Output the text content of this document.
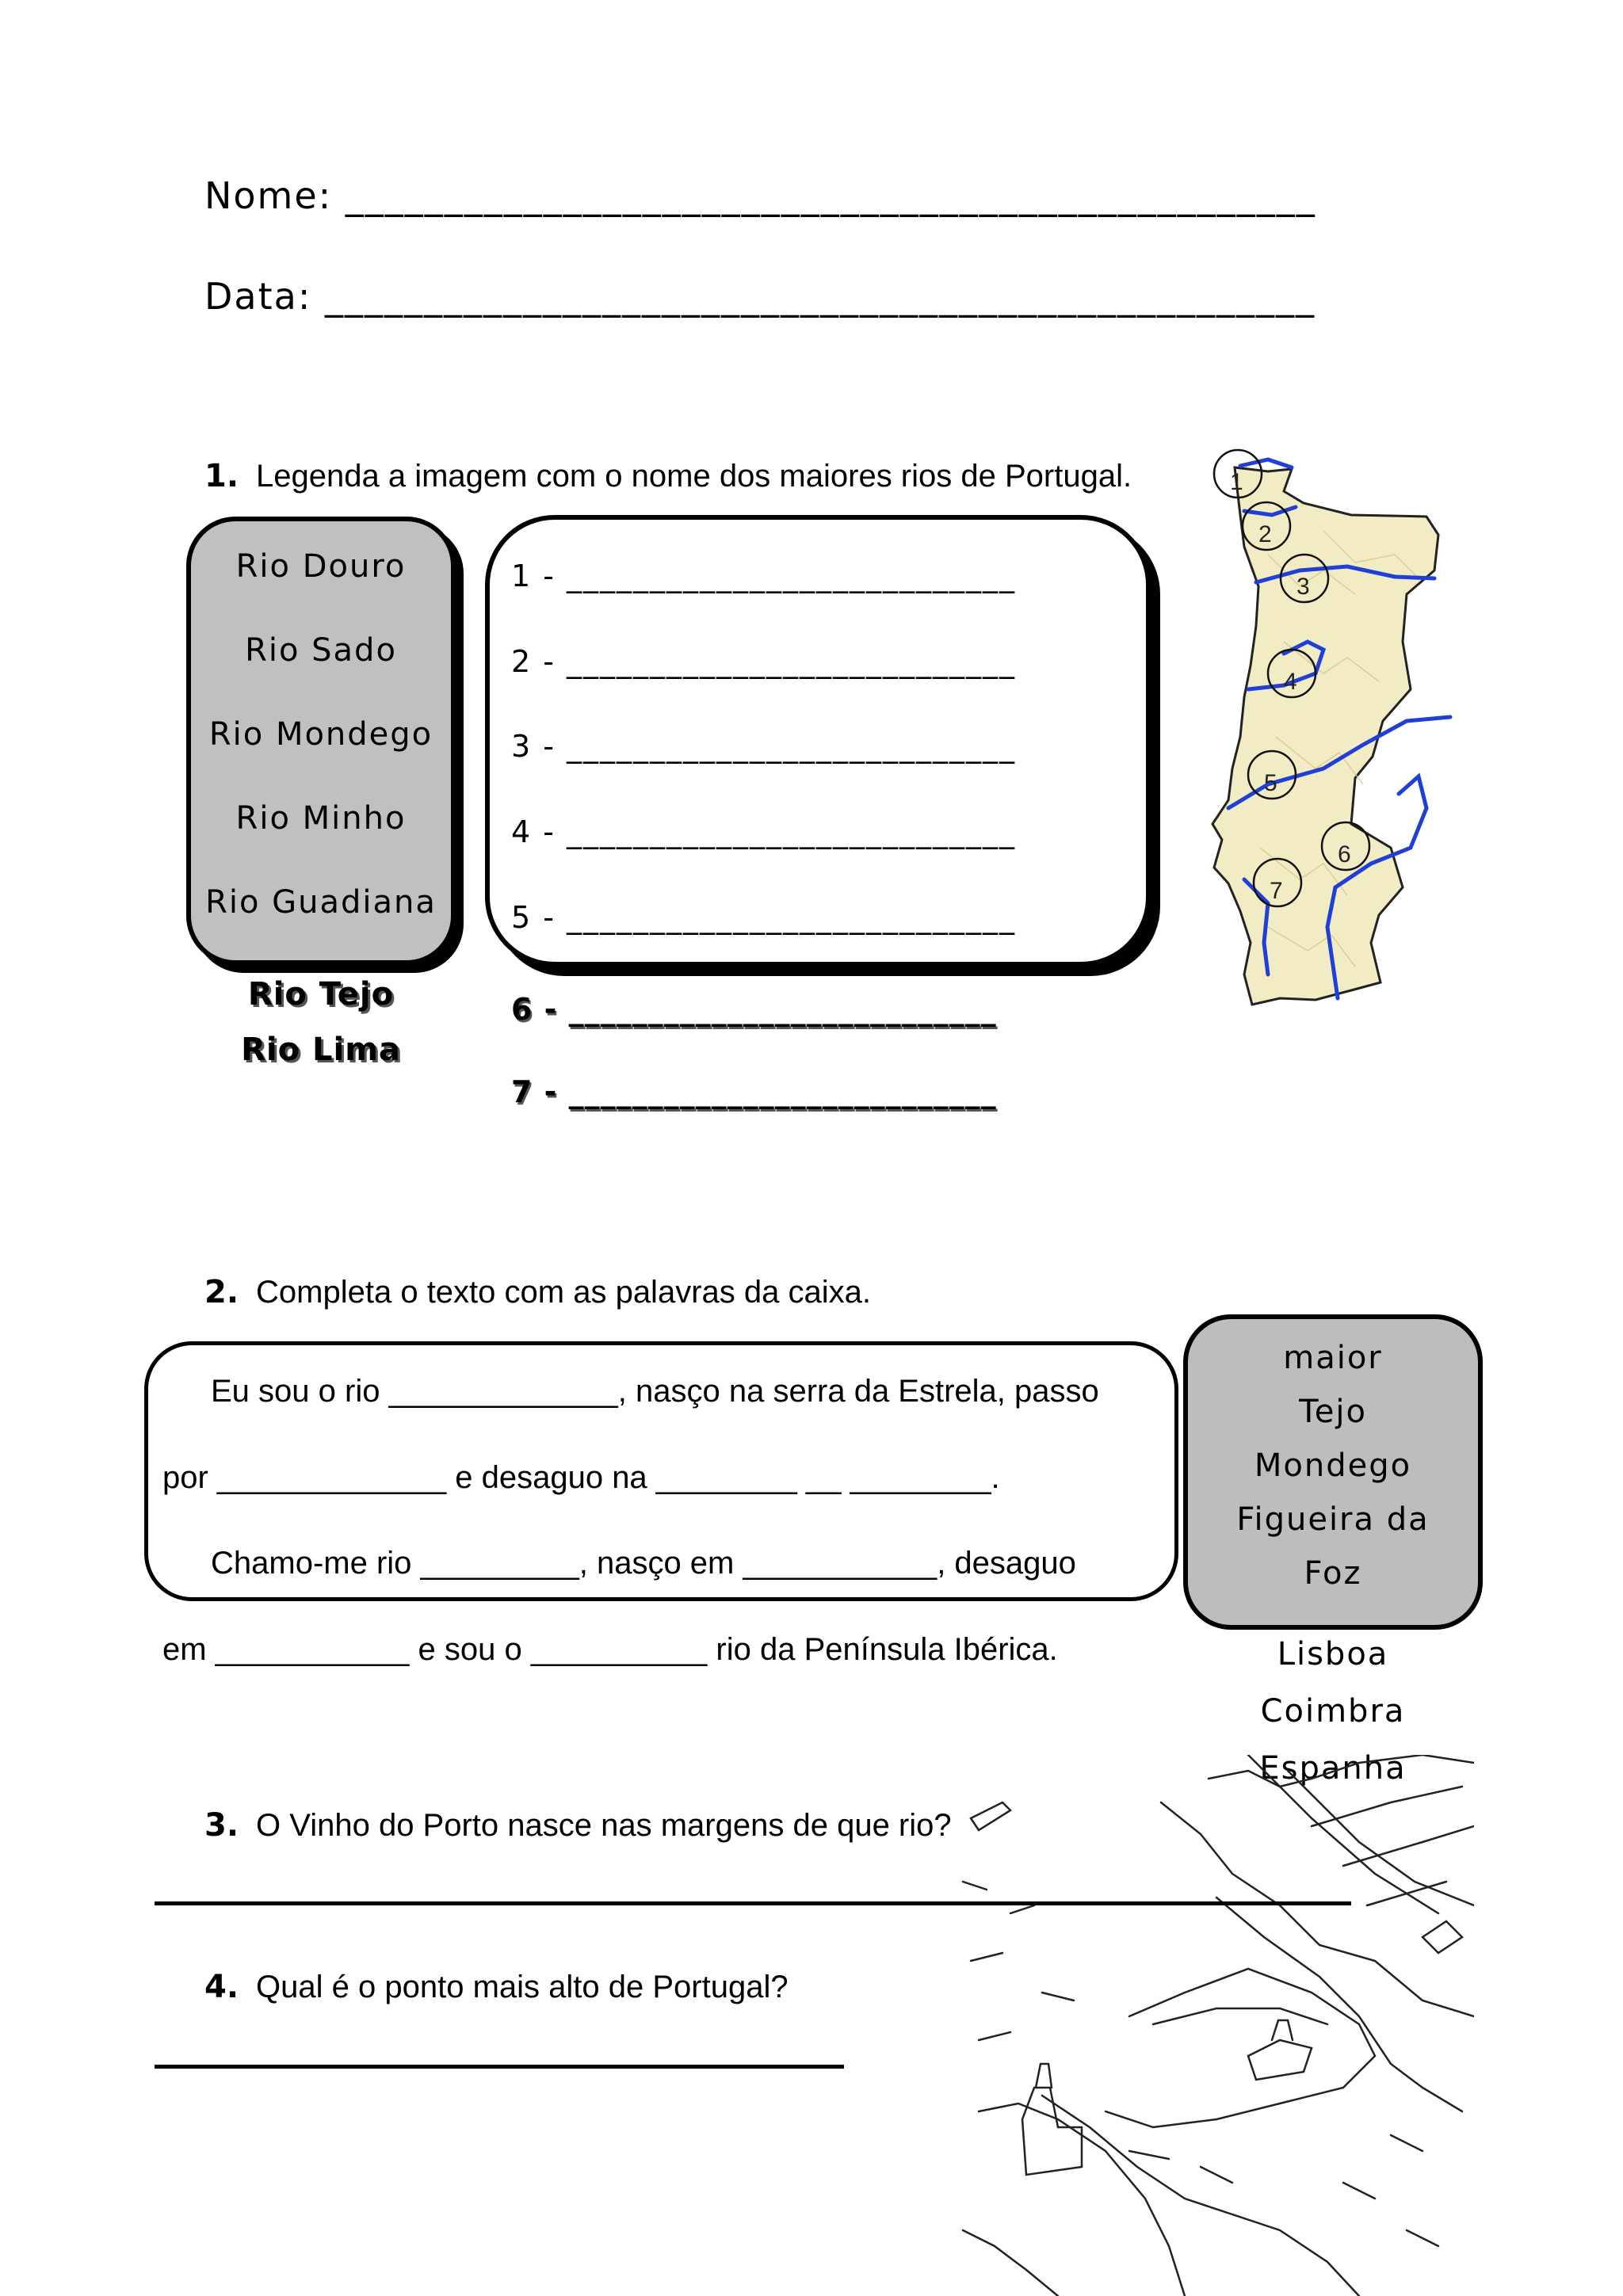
Nome: _________________________________________________
Data: __________________________________________________
1. Legenda a imagem com o nome dos maiores rios de Portugal.
Rio Douro
Rio Sado
Rio Mondego
Rio Minho
Rio Guadiana
Rio Tejo
Rio Lima
1 - ___________________________
2 - ___________________________
3 - ___________________________
4 - ___________________________
5 - ___________________________
6 - ___________________________
7 - ___________________________
1
2
3
4
5
6
7
2. Completa o texto com as palavras da caixa.
Eu sou o rio _____________, nasço na serra da Estrela, passo
por _____________ e desaguo na ________ __ ________.
Chamo-me rio _________, nasço em ___________, desaguo
em ___________ e sou o __________ rio da Península Ibérica.
maior
Tejo
Mondego
Figueira da
Foz
Lisboa
Coimbra
Espanha
3. O Vinho do Porto nasce nas margens de que rio?
4. Qual é o ponto mais alto de Portugal?
